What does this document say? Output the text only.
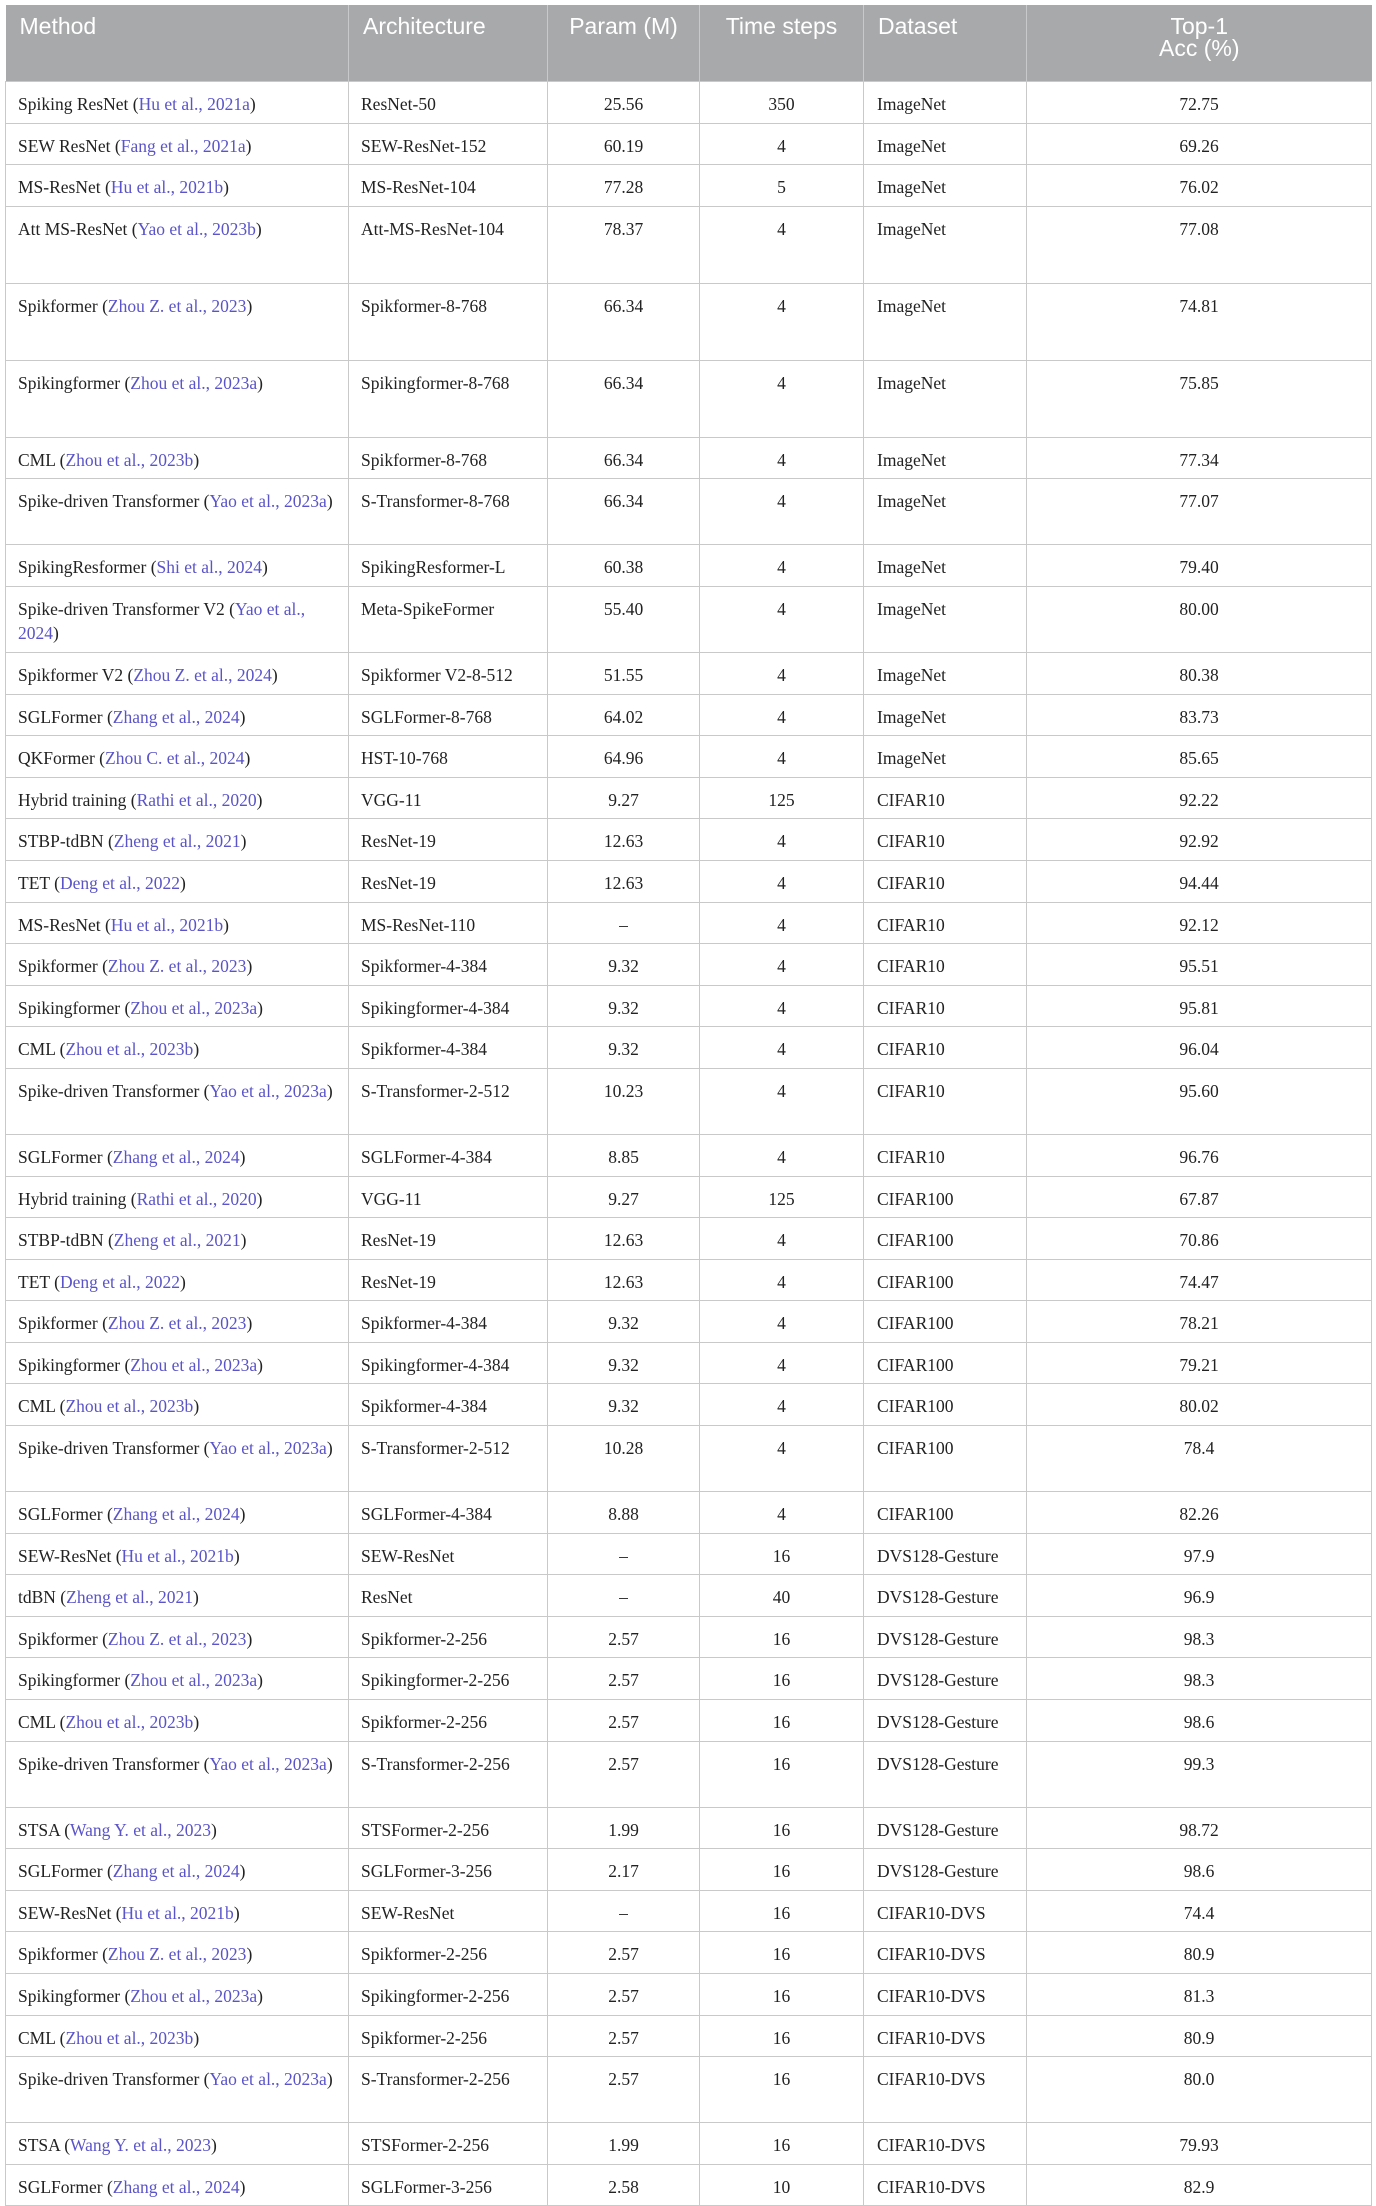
Method	Architecture	Param (M)	Time steps	Dataset	Top-1
Acc (%)
Spiking ResNet (Hu et al., 2021a)	ResNet-50	25.56	350	ImageNet	72.75
SEW ResNet (Fang et al., 2021a)	SEW-ResNet-152	60.19	4	ImageNet	69.26
MS-ResNet (Hu et al., 2021b)	MS-ResNet-104	77.28	5	ImageNet	76.02
Att MS-ResNet (Yao et al., 2023b)	Att-MS-ResNet-104	78.37	4	ImageNet	77.08
Spikformer (Zhou Z. et al., 2023)	Spikformer-8-768	66.34	4	ImageNet	74.81
Spikingformer (Zhou et al., 2023a)	Spikingformer-8-768	66.34	4	ImageNet	75.85
CML (Zhou et al., 2023b)	Spikformer-8-768	66.34	4	ImageNet	77.34
Spike-driven Transformer (Yao et al., 2023a)	S-Transformer-8-768	66.34	4	ImageNet	77.07
SpikingResformer (Shi et al., 2024)	SpikingResformer-L	60.38	4	ImageNet	79.40
Spike-driven Transformer V2 (Yao et al., 2024)	Meta-SpikeFormer	55.40	4	ImageNet	80.00
Spikformer V2 (Zhou Z. et al., 2024)	Spikformer V2-8-512	51.55	4	ImageNet	80.38
SGLFormer (Zhang et al., 2024)	SGLFormer-8-768	64.02	4	ImageNet	83.73
QKFormer (Zhou C. et al., 2024)	HST-10-768	64.96	4	ImageNet	85.65
Hybrid training (Rathi et al., 2020)	VGG-11	9.27	125	CIFAR10	92.22
STBP-tdBN (Zheng et al., 2021)	ResNet-19	12.63	4	CIFAR10	92.92
TET (Deng et al., 2022)	ResNet-19	12.63	4	CIFAR10	94.44
MS-ResNet (Hu et al., 2021b)	MS-ResNet-110	–	4	CIFAR10	92.12
Spikformer (Zhou Z. et al., 2023)	Spikformer-4-384	9.32	4	CIFAR10	95.51
Spikingformer (Zhou et al., 2023a)	Spikingformer-4-384	9.32	4	CIFAR10	95.81
CML (Zhou et al., 2023b)	Spikformer-4-384	9.32	4	CIFAR10	96.04
Spike-driven Transformer (Yao et al., 2023a)	S-Transformer-2-512	10.23	4	CIFAR10	95.60
SGLFormer (Zhang et al., 2024)	SGLFormer-4-384	8.85	4	CIFAR10	96.76
Hybrid training (Rathi et al., 2020)	VGG-11	9.27	125	CIFAR100	67.87
STBP-tdBN (Zheng et al., 2021)	ResNet-19	12.63	4	CIFAR100	70.86
TET (Deng et al., 2022)	ResNet-19	12.63	4	CIFAR100	74.47
Spikformer (Zhou Z. et al., 2023)	Spikformer-4-384	9.32	4	CIFAR100	78.21
Spikingformer (Zhou et al., 2023a)	Spikingformer-4-384	9.32	4	CIFAR100	79.21
CML (Zhou et al., 2023b)	Spikformer-4-384	9.32	4	CIFAR100	80.02
Spike-driven Transformer (Yao et al., 2023a)	S-Transformer-2-512	10.28	4	CIFAR100	78.4
SGLFormer (Zhang et al., 2024)	SGLFormer-4-384	8.88	4	CIFAR100	82.26
SEW-ResNet (Hu et al., 2021b)	SEW-ResNet	–	16	DVS128-Gesture	97.9
tdBN (Zheng et al., 2021)	ResNet	–	40	DVS128-Gesture	96.9
Spikformer (Zhou Z. et al., 2023)	Spikformer-2-256	2.57	16	DVS128-Gesture	98.3
Spikingformer (Zhou et al., 2023a)	Spikingformer-2-256	2.57	16	DVS128-Gesture	98.3
CML (Zhou et al., 2023b)	Spikformer-2-256	2.57	16	DVS128-Gesture	98.6
Spike-driven Transformer (Yao et al., 2023a)	S-Transformer-2-256	2.57	16	DVS128-Gesture	99.3
STSA (Wang Y. et al., 2023)	STSFormer-2-256	1.99	16	DVS128-Gesture	98.72
SGLFormer (Zhang et al., 2024)	SGLFormer-3-256	2.17	16	DVS128-Gesture	98.6
SEW-ResNet (Hu et al., 2021b)	SEW-ResNet	–	16	CIFAR10-DVS	74.4
Spikformer (Zhou Z. et al., 2023)	Spikformer-2-256	2.57	16	CIFAR10-DVS	80.9
Spikingformer (Zhou et al., 2023a)	Spikingformer-2-256	2.57	16	CIFAR10-DVS	81.3
CML (Zhou et al., 2023b)	Spikformer-2-256	2.57	16	CIFAR10-DVS	80.9
Spike-driven Transformer (Yao et al., 2023a)	S-Transformer-2-256	2.57	16	CIFAR10-DVS	80.0
STSA (Wang Y. et al., 2023)	STSFormer-2-256	1.99	16	CIFAR10-DVS	79.93
SGLFormer (Zhang et al., 2024)	SGLFormer-3-256	2.58	10	CIFAR10-DVS	82.9
